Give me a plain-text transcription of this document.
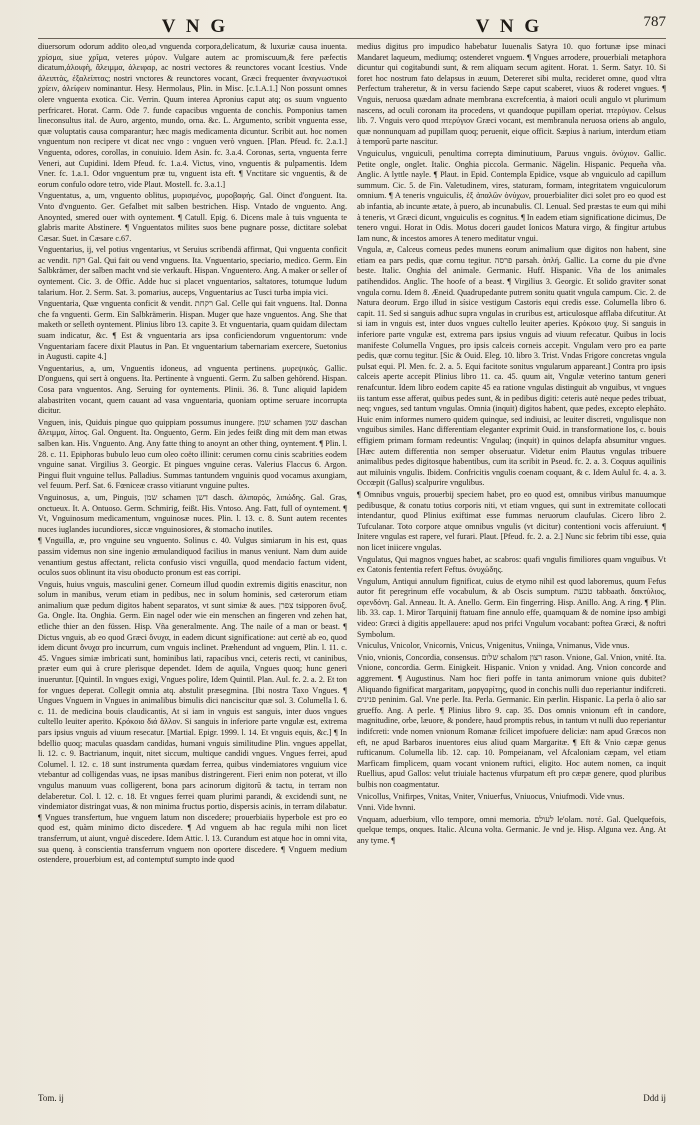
V N G	V N G	787

diuersorum odorum addito oleo,ad vnguenda corpora,delicatum, & luxuriæ causa inuenta. χρίσμα, siue χρῖμα, veteres μύρον. Vulgare autem ac promiscuum,& fere pæfectis dicatum,ἀλοιφὴ, ἄλειμμα, ἀλειφαρ, ac nostri vectores & reunctores vocant Icestius. Vnde ἀλειπτὰς, ἐξαλείπτας; nostri vnctores & reunctores vocant, Græci frequenter ἀναγνωστικοὶ χρίειν, ἀλείφειν nominantur. Hesy. Hermolaus, Plin. in Misc. [c.1.A.1.] Non possunt omnes olere vnguenta exotica. Cic. Verrin. Quum interea Apronius caput atq; os suum vnguento perfricaret. Horat. Carm. Ode 7. funde capacibus vnguenta de conchis. Pomponius tamen lineconsultus ital. de Auro, argento, mundo, orna. &c. L. Argumento, scribit vnguenta esse, quæ voluptatis causa comparantur; hæc magis medicamenta dicuntur. Scribit aut. hoc nomen vnguentum non recipere vt dicat nec vngo : vnguen verò vnguen. [Plan. Pfeud. fc. 2.a.1.] Vnguenta, odores, corollas, in conuiuio. Idem Asin. fc. 3.a.4. Coronas, serta, vnguenta ferre Veneri, aut Cupidini. Idem Pfeud. fc. 1.a.4. Victus, vino, vnguentis & pulpamentis. Idem Vner. fc. 1.a.1. Odor vnguentum præ tu, vnguent ista eft. ¶ Vnctitare sic vnguentis, & de eorum confulo odore tetro, vide Plaut. Mostell. fc. 3.a.1.]

Vnguentatus, a, um, vnguento oblitus, μυρισμένος, μυροβαφής. Gal. Oinct d'onguent. Ita. Vnto d'vnguento. Ger. Gefalbet mit salben bestrichen. Hisp. Vntado de vnguento. Ang. Anoynted, smered ouer with oyntement. ¶ Catull. Epig. 6. Dicens male à tuis vnguenta te glabris marite Abstinere. ¶ Vnguentatos milites suos bene pugnare posse, dictitare solebat Cæsar. Suet. in Cæsare c.67.

Vnguentarius, ij, vel potius vngentarius, vt Seruius scribendä affirmat, Qui vnguenta conficit ac vendit. רקח Gal. Qui fait ou vend vnguens. Ita. Vnguentario, speciario, medico. Germ. Ein Salbkrämer, der salben macht vnd sie verkauft. Hispan. Vnguentero. Ang. A maker or seller of oyntement. Cic. 3. de Offic. Adde huc si placet vnguentarios, saltatores, totumque ludum talarium. Hor. 2. Serm. Sat. 3. pomarius, auceps, Vnguentarius ac Tusci turba impia vici.

Vnguentaria, Quæ vnguenta conficit & vendit. רקחת Gal. Celle qui fait vnguens. Ital. Donna che fa vnguenti. Germ. Ein Salbkrämerin. Hispan. Muger que haze vnguentos. Ang. She that maketh or selleth oyntement. Plinius libro 13. capite 3. Et vnguentaria, quam quidam dilectam suam indicatur, &c. ¶ Est & vnguentaria ars ipsa conficiendorum vnguentorum: vnde Vnguentariam facere dixit Plautus in Pan. Et vnguentarium tabernariam exercere, Suetonius in Augusti. capite 4.]

Vnguentarius, a, um, Vnguentis idoneus, ad vnguenta pertinens. μυρεψικός. Gallic. D'onguens, qui sert à onguens. Ita. Pertinente à vnguenti. Germ. Zu salben gehörend. Hispan. Cosa para vnguentos. Ang. Seruing for oyntements. Plinii. 36. 8. Tunc aliquid lapidem alabastriten vocant, quem cauant ad vasa vnguentaria, quoniam optime seruare incorrupta dicitur.

Vnguen, inis, Quiduis pingue quo quippiam possumus inungere. שמן schamen שמן daschan ἄλειμμα, λίπος. Gal. Onguent. Ita. Onguento, Germ. Ein jedes feißt ding mit dem man etwas salben kan. His. Vnguento. Ang. Any fatte thing to anoynt an other thing, oyntement. ¶ Plin. l. 28. c. 11. Epiphoras bubulo leuo cum oleo coëto illinit: cerumen cornu cinis scabrities eodem vnguine sanat. Virgilius 3. Georgic. Et pingues vnguine ceras. Valerius Flaccus 6. Argon. Pingui fluit vnguine tellus. Palladius. Summas tantundem vnguinis quod vocamus axungiam, vel feuum. Perf. Sat. 6. Fœniceæ crasso vitiarunt vnguine pultes.

Vnguinosus, a, um, Pinguis, שמן schamen דשן dasch. ἀλιπαρός, λιπώδης. Gal. Gras, onctueux. It. A. Ontuoso. Germ. Schmirig, feißt. His. Vntoso. Ang. Fatt, full of oyntement. ¶ Vt, Vnguinosum medicamentum, vnguinosæ nuces. Plin. l. 13. c. 8. Sunt autem recentes nuces iuglandes iucundiores, siccæ vnguinosiores, & stomacho inutiles.

¶ Vnguilla, æ, pro vnguine seu vnguento. Solinus c. 40. Vulgus simiarum in his est, quas passim videmus non sine ingenio æmulandiquod facilius in manus veniunt. Nam dum auide venantium gestus affectant, relicta confusio visci vnguilla, quod mendacio factum vident, oculos suos oblinunt ita visu oboducto pronum est eas corripi.

Vnguis, huius vnguis, masculini gener. Corneum illud quodin extremis digitis enascitur, non solum in manibus, verum etiam in pedibus, nec in solum hominis, sed cæterorum etiam animalium quæ pedum digitos habent separatos, vt sunt simiæ & aues. צפרן tsipporen ὄνυξ. Ga. Ongle. Ita. Onghia. Germ. Ein nagel oder wie ein menschen an fingeren vnd zehen hat, etliche thier an den füssen. Hisp. Vña generalmente. Ang. The naile of a man or beast. ¶ Dictus vnguis, ab eo quod Græci ὄνυχα, in eadem dicunt significatione: aut certè ab eo, quod idem dicunt ὄνυχα pro incurrum, cum vnguis inclinet. Præhendunt ad vnguem, Plin. l. 11. c. 45. Vngues simiæ imbricati sunt, hominibus lati, rapacibus vnci, ceteris recti, vt caninibus, præter eum qui à crure plerisque dependet. Idem de aquila, Vngues quoq; hunc generi inueruntur. [Quintil. In vngues exigi, Vngues polire, Idem Quintil. Plan. Aul. fc. 2. a. 2. Et ton for vngues deperat. Collegit omnia atq. abstulit præsegmina. [Ibi nostra Taxo Vngues. ¶ Ungues Vnguem in Vngues in animalibus bimulis dici nanciscitur quæ sol. 3. Columella l. 6. c. 11. de medicina bouis claudicantis, At si iam in vnguis est sanguis, inter duos vngues cultello leuiter aperito. Κρόκοιο διά ἄλλον. Si sanguis in inferiore parte vngulæ est, extrema pars ipsius vnguis ad viuum resecatur. [Martial. Epigr. 1999. l. 14. Et vnguis equis, &c.] ¶ In bdellio quoq; maculas quasdam candidas, humani vnguis similitudine Plin. vngues appellat, li. 12. c. 9. Bactrianum, inquit, nitet siccum, multique candidi vngues. Vngues ferrei, apud Columel. l. 12. c. 18 sunt instrumenta quædam ferrea, quibus vindemiatores vnguium vice vtebantur ad colligendas vuas, ne ipsas manibus distringerent. Fieri enim non poterat, vt illo vngulus manuum vuas colligerent, bona pars acinorum digitorū & tactu, in terram non delaberetur. Col. l. 12. c. 18. Et vngues ferrei quam plurimi parandi, & excidendi sunt, ne vindemiator distringat vuas, & non minima fructus portio, dispersis acinis, in terram dilabatur. ¶ Vngues transfertum, hue vnguem latum non discedere; prouerbiaiis hyperbole est pro eo quod est, quàm minimo dicto discedere. ¶ Ad vnguem ab hac regula mihi non licet transferrum, ut aiunt, vnguè discedere. Idem Attic. l. 13. Curandum est atque hoc in omni vita, sua quenq. à conscientia transferrum vnguem non oportere discedere. ¶ Vnguem medium ostendere, prouerbium est, ad contemptuī sumpto inde quod

medius digitus pro impudico habebatur Iuuenalis Satyra 10. quo fortunæ ipse minaci Mandaret laqueum, mediumq; ostenderet vnguem. ¶ Vngues arrodere, prouerbiali metaphora dicuntur qui cogitabundi sunt, & rem aliquam secum agitent. Horat. 1. Serm. Satyr. 10. Si foret hoc nostrum fato delapsus in æuum, Detereret sibi multa, recideret omne, quod vltra Perfectum traheretur, & in versu faciendo Sæpe caput scaberet, viuos & roderet vngues. ¶ Vnguis, neruosa quædam adnate membrana excrefcentia, à maiori oculi angulo vt plurimum nascens, ad oculi coronam ita procedens, vt quandoque pupillam operiat. πτερύγιον. Celsus lib. 7. Vnguis vero quod πτερύγιον Græci vocant, est membranula neruosa oriens ab angulo, quæ nonnunquam ad pupillam quoq; peruenit, eique officit. Sæpius à narium, interdum etiam à temporū parte nascitur.

Vnguiculus, vnguiculi, penultima correpta diminutiuum, Paruus vnguis. ὀνύχιον. Gallic. Petite ongle, onglet. Italic. Onghia piccola. Germanic. Nägelin. Hispanic. Pequeña vña. Anglic. A lyttle nayle. ¶ Plaut. in Epid. Contempla Epidice, vsque ab vnguiculo ad capillum summum. Cic. 5. de Fin. Valetudinem, vires, staturam, formam, integritatem vnguiculorum omnium. ¶ A teneris vnguiculis, ἐξ ἁπαλῶν ὀνύχων, prouerbialiter dici solet pro eo quod est ab infantia, ab incunte ætate, à puero, ab incunabulis. Cl. Lenual. Sed præstas te eum qui mihi à teneris, vt Græci dicunt, vnguiculis es cognitus. ¶ In eadem etiam significatione dicimus, De tenero vngui. Horat in Odis. Motus doceri gaudet Ionicos Matura virgo, & fingitur artubus Iam nunc, & incestos amores A tenero meditatur vngui.

Vngula, æ, Calceus corneus pedes munens eorum animalium quæ digitos non habent, sine etiam ea pars pedis, quæ cornu tegitur. פרסה parsah. ὁπλή. Gallic. La corne du pie d'vne beste. Italic. Onghia del animale. Germanic. Huff. Hispanic. Vña de los animales patihendidos. Anglic. The hoofe of a beast. ¶ Virgilius 3. Georgic. Et solido graviter sonat vngula cornu. Idem 8. Æneid. Quadrupedante putrem sonitu quatit vngula campum. Cic. 2. de Natura deorum. Ergo illud in sísice vestigum Castoris equi credis esse. Columella libro 6. capit. 11. Sed si sanguis adhuc supra vngulas in cruribus est, articulosque afflaba difcutitur. At si iam in vnguis est, inter duos vngues cultello leuiter aperies. Κρόκοιο ψυχ. Si sanguis in inferiore parte vngulæ est, extrema pars ipsius vnguis ad viuum refecatur. Quibus in locis manifeste Columella Vngues, pro ipsis calceis corneis accepit. Vngulam vero pro ea parte pedis, quæ cornu tegitur. [Sic & Ouid. Eleg. 10. libro 3. Trist. Vndas Frigore concretas vngula pulsat equi. Pl. Men. fc. 2. a. 5. Equi facitote sonitus vngularum appareant.] Contra pro ipsis calceis aperte accepit Plinius libro 11. ca. 45. quum ait, Vngulæ veterino tantum generi renafcuntur. Idem libro eodem capite 45 ea ratione vngulas distinguit ab vnguibus, vt vngues iis tantum esse afferat, quibus pedes sunt, & in pedibus digiti: ceteris autè neque pedes tribuat, neq; vngues, sed tantum vngulas. Omnia (inquit) digitos habent, quæ pedes, excepto elephāto. Huic enim informes numero quidem quinque, sed indiuisi, ac leuiter discreti, vngulisque non vnguibus similes. Hanc differentiam eleganter exprimit Ouid. in transformatione Ios, c. bouis effigiem primam formam redeuntis: Vngulaq; (inquit) in quinos delapfa absumitur vngues. [Hæc autem differentia non semper obseruatur. Videtur enim Plautus vngulas tribuere animalibus pedes digitosque habentibus, cum ita scribit in Pseud. fc. 2. a. 3. Coquus aquilinis aut miluinis vngulis. Ibidem. Confricitis vngulis coenam coquant, & c. Idem Aulul fc. 4. a. 3. Occœpit (Gallus) scalpurire vngulibus.

¶ Omnibus vnguis, prouerbij speciem habet, pro eo quod est, omnibus viribus manuumque pedibusque, & conatu totius corporis niti, vt etiam vngues, qui sunt in extremitate collocati intendantur, quod Plinius exiftimat esse fummas neruorum claufulas. Cicero libro 2. Tufculanar. Toto corpore atque omnibus vngulis (vt dicitur) contentioni vocis afferuiunt. ¶ Initere vngulas est rapere, vel furari. Plaut. [Pfeud. fc. 2. a. 2.] Nunc sic febrim tibi esse, quia non licet iniicere vngulas.

Vngulatus, Qui magnos vngues habet, ac scabros: quafi vngulis fimiliores quam vnguibus. Vt ex Catonis fententia refert Feftus. ὀνυχώδης.

Vngulum, Antiqui annulum fignificat, cuius de etymo nihil est quod laboremus, quum Fefus autor fit peregrinum effe vocabulum, & ab Oscis sumptum. טבעת tabbaath. δακτύλιος, σφενδόνη. Gal. Anneau. It. A. Anello. Germ. Ein fingerring. Hisp. Anillo. Ang. A ring. ¶ Plin. lib. 33. cap. 1. Miror Tarquinij ftatuam fine annulo effe, quamquam & de nomine ipso ambigi video: Græci à digitis appellauere: apud nos prifci Vngulum vocabant: poftea Græci, & noftri Symbolum.

Vniculus, Vnicolor, Vnicornis, Vnicus, Vnigenitus, Vniinga, Vnimanus, Vide vnus.

Vnio, vnionis, Concordia, consensus. שלום schalom רצון rason. Vnione, Gal. Vnion, vnité. Ita. Vnione, concordia. Germ. Einigkeit. Hispanic. Vnion y vnidad. Ang. Vnion concorde and aggrement. ¶ Augustinus. Nam hoc fieri poffe in tanta animorum vnione quis dubitet? Aliquando fignificat margaritam, μαργαρίτης, quod in conchis nulli duo reperiantur indifcreti. פנינים peninim. Gal. Vne perle. Ita. Perla. Germanic. Ein pærlin. Hispanic. La perla ò alio sar grueffo. Ang. A perle. ¶ Plinius libro 9. cap. 35. Dos omnis vnionum eft in candore, magnitudine, orbe, læuore, & pondere, haud promptis rebus, in tantum vt nulli duo reperiantur indifcreti: vnde nomen vnionum Romanæ fcilicet impofuere deliciæ: nam apud Græcos non eft, ne apud Barbaros inuentores eius aliud quam Margaritæ. ¶ Eft & Vnio cæpæ genus rufticanum. Columella lib. 12. cap. 10. Pompeianam, vel Afcaloniam cæpam, vel etiam Marficam fimplicem, quam vocant vnionem ruftici, eligito. Hoc autem nomen, ca inquit Ruellius, apud Gallos: velut triuiale hactenus vfurpatum eft pro cæpæ genere, quod pluribus bulbis non coagmentatur.

Vnicollus, Vnifirpes, Vnitas, Vniter, Vniuerfus, Vniuocus, Vniufmodi. Vide vnus.

Vnni. Vide hvnni.

Vnquam, aduerbium, vllo tempore, omni memoria. לעולם le'olam. ποτέ. Gal. Quelquefois, quelque temps, onques. Italic. Alcuna volta. Germanic. Je vnd je. Hisp. Alguna vez. Ang. At any tyme. ¶

Tom. ij	Ddd ij
